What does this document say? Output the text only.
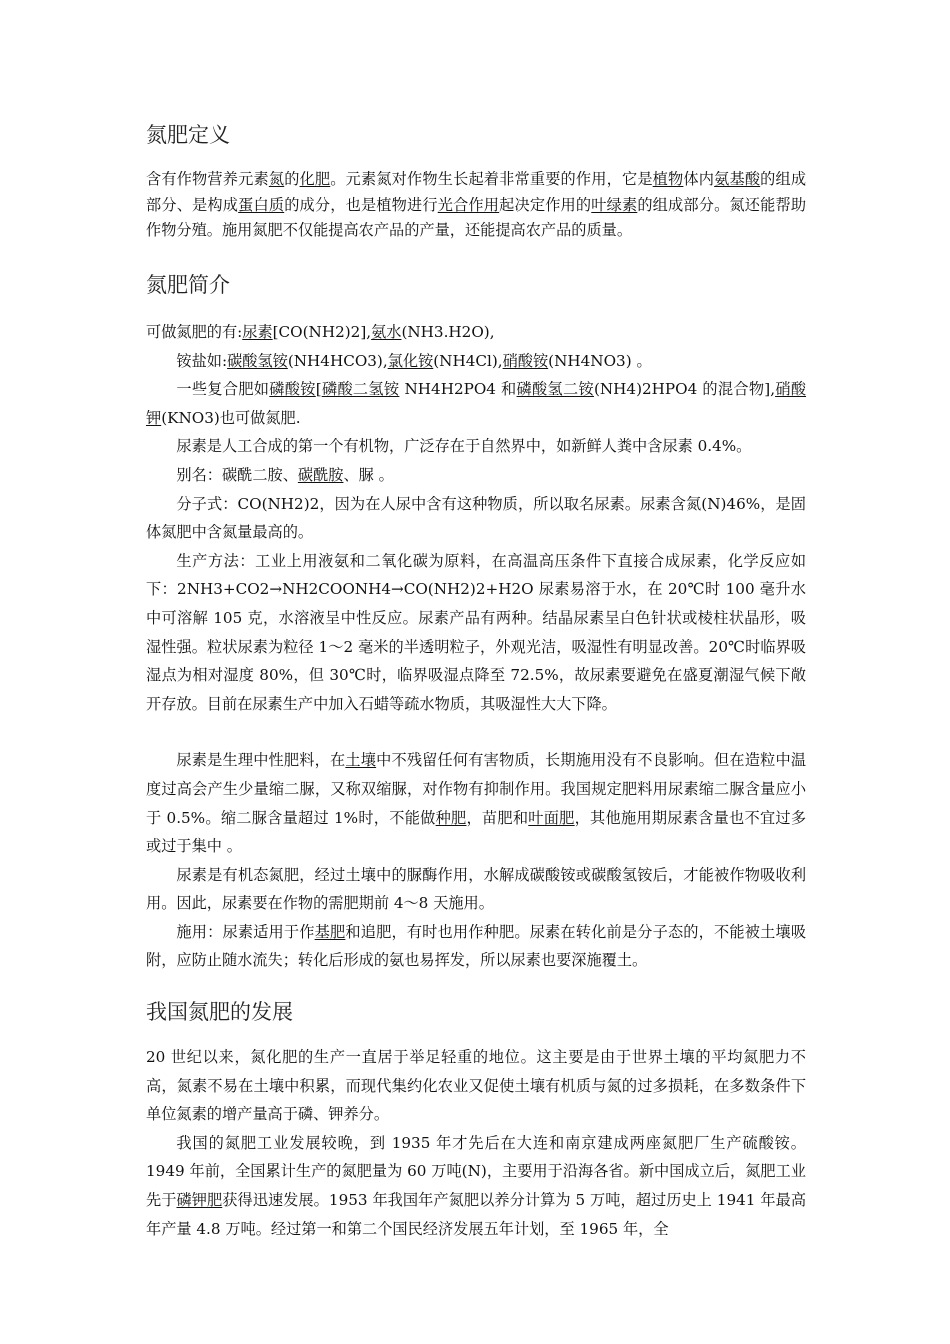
氮肥定义

含有作物营养元素氮的化肥。元素氮对作物生长起着非常重要的作用，它是植物体内氨基酸的组成部分、是构成蛋白质的成分，也是植物进行光合作用起决定作用的叶绿素的组成部分。氮还能帮助作物分殖。施用氮肥不仅能提高农产品的产量，还能提高农产品的质量。

氮肥简介

可做氮肥的有:尿素[CO(NH2)2],氨水(NH3.H2O),

铵盐如:碳酸氢铵(NH4HCO3),氯化铵(NH4Cl),硝酸铵(NH4NO3) 。

一些复合肥如磷酸铵[磷酸二氢铵 NH4H2PO4 和磷酸氢二铵(NH4)2HPO4 的混合物],硝酸钾(KNO3)也可做氮肥.

尿素是人工合成的第一个有机物，广泛存在于自然界中，如新鲜人粪中含尿素 0.4%。

别名：碳酰二胺、碳酰胺、脲 。

分子式：CO(NH2)2，因为在人尿中含有这种物质，所以取名尿素。尿素含氮(N)46%，是固体氮肥中含氮量最高的。

生产方法：工业上用液氨和二氧化碳为原料，在高温高压条件下直接合成尿素，化学反应如下：2NH3+CO2→NH2COONH4→CO(NH2)2+H2O 尿素易溶于水，在 20℃时 100 毫升水中可溶解 105 克，水溶液呈中性反应。尿素产品有两种。结晶尿素呈白色针状或棱柱状晶形，吸湿性强。粒状尿素为粒径 1～2 毫米的半透明粒子，外观光洁，吸湿性有明显改善。20℃时临界吸湿点为相对湿度 80%，但 30℃时，临界吸湿点降至 72.5%，故尿素要避免在盛夏潮湿气候下敞开存放。目前在尿素生产中加入石蜡等疏水物质，其吸湿性大大下降。

尿素是生理中性肥料，在土壤中不残留任何有害物质，长期施用没有不良影响。但在造粒中温度过高会产生少量缩二脲，又称双缩脲，对作物有抑制作用。我国规定肥料用尿素缩二脲含量应小于 0.5%。缩二脲含量超过 1%时，不能做种肥，苗肥和叶面肥，其他施用期尿素含量也不宜过多或过于集中 。

尿素是有机态氮肥，经过土壤中的脲酶作用，水解成碳酸铵或碳酸氢铵后，才能被作物吸收利用。因此，尿素要在作物的需肥期前 4～8 天施用。

施用：尿素适用于作基肥和追肥，有时也用作种肥。尿素在转化前是分子态的，不能被土壤吸附，应防止随水流失；转化后形成的氨也易挥发，所以尿素也要深施覆土。

我国氮肥的发展

20 世纪以来，氮化肥的生产一直居于举足轻重的地位。这主要是由于世界土壤的平均氮肥力不高，氮素不易在土壤中积累，而现代集约化农业又促使土壤有机质与氮的过多损耗，在多数条件下单位氮素的增产量高于磷、钾养分。

我国的氮肥工业发展较晚，到 1935 年才先后在大连和南京建成两座氮肥厂生产硫酸铵。1949 年前，全国累计生产的氮肥量为 60 万吨(N)，主要用于沿海各省。新中国成立后，氮肥工业先于磷钾肥获得迅速发展。1953 年我国年产氮肥以养分计算为 5 万吨，超过历史上 1941 年最高年产量 4.8 万吨。经过第一和第二个国民经济发展五年计划，至 1965 年，全
